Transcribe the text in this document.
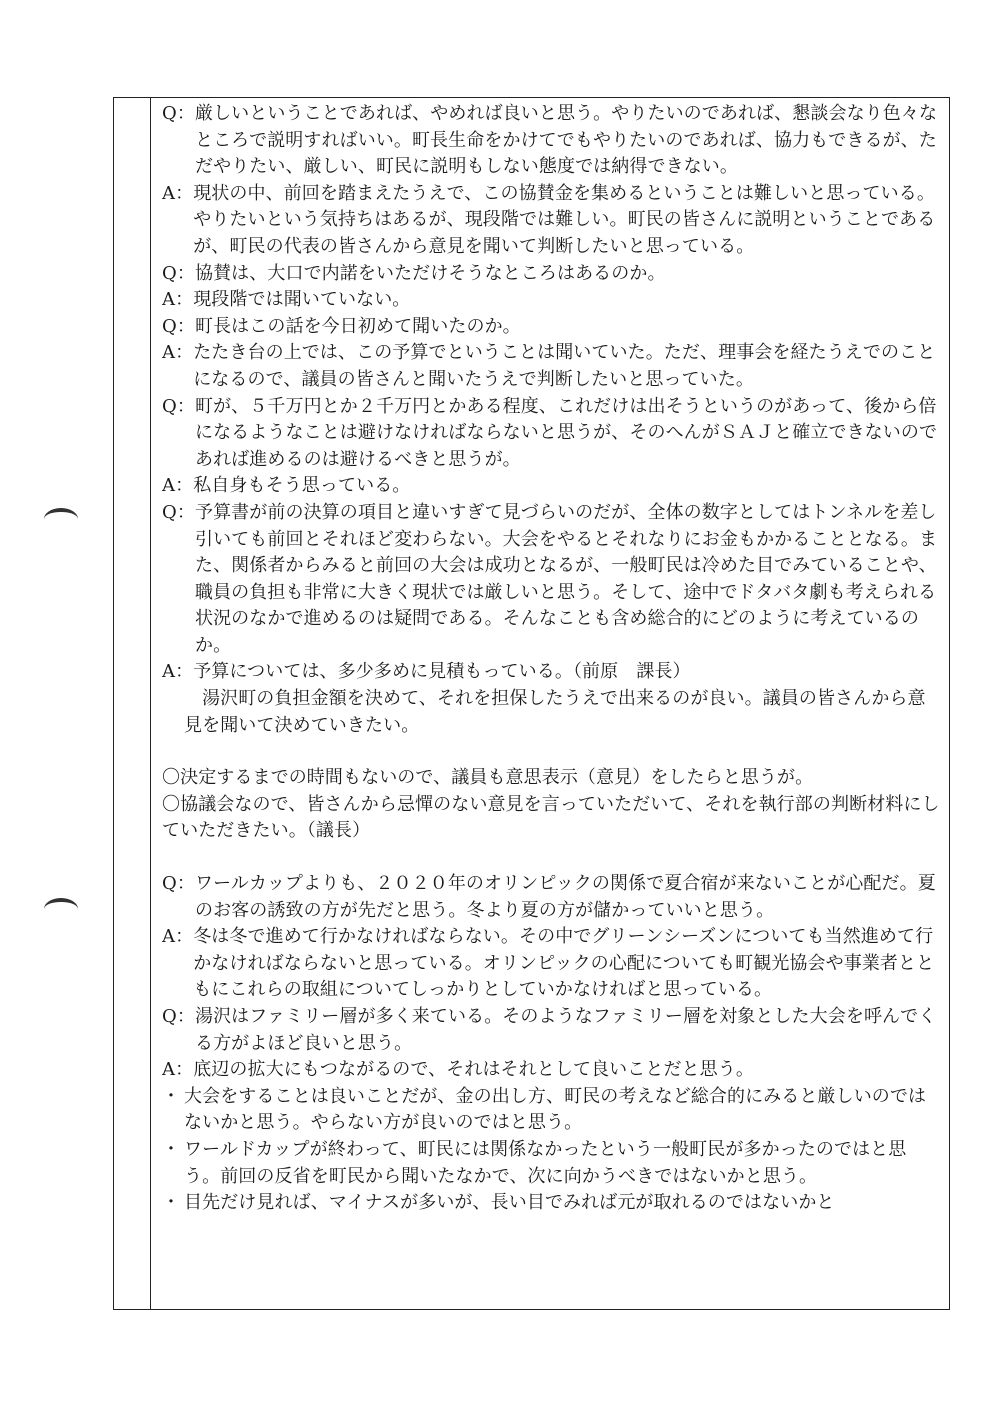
Q： 厳しいということであれば、やめれば良いと思う。やりたいのであれば、懇談会なり色々なところで説明すればいい。町長生命をかけてでもやりたいのであれば、協力もできるが、ただやりたい、厳しい、町民に説明もしない態度では納得できない。
A： 現状の中、前回を踏まえたうえで、この協賛金を集めるということは難しいと思っている。やりたいという気持ちはあるが、現段階では難しい。町民の皆さんに説明ということであるが、町民の代表の皆さんから意見を聞いて判断したいと思っている。
Q： 協賛は、大口で内諾をいただけそうなところはあるのか。
A： 現段階では聞いていない。
Q： 町長はこの話を今日初めて聞いたのか。
A： たたき台の上では、この予算でということは聞いていた。ただ、理事会を経たうえでのことになるので、議員の皆さんと聞いたうえで判断したいと思っていた。
Q： 町が、５千万円とか２千万円とかある程度、これだけは出そうというのがあって、後から倍になるようなことは避けなければならないと思うが、そのへんがＳＡＪと確立できないのであれば進めるのは避けるべきと思うが。
A： 私自身もそう思っている。
Q： 予算書が前の決算の項目と違いすぎて見づらいのだが、全体の数字としてはトンネルを差し引いても前回とそれほど変わらない。大会をやるとそれなりにお金もかかることとなる。また、関係者からみると前回の大会は成功となるが、一般町民は冷めた目でみていることや、職員の負担も非常に大きく現状では厳しいと思う。そして、途中でドタバタ劇も考えられる状況のなかで進めるのは疑問である。そんなことも含め総合的にどのように考えているのか。
A： 予算については、多少多めに見積もっている。（前原　課長）
湯沢町の負担金額を決めて、それを担保したうえで出来るのが良い。議員の皆さんから意見を聞いて決めていきたい。
〇決定するまでの時間もないので、議員も意思表示（意見）をしたらと思うが。
〇協議会なので、皆さんから忌憚のない意見を言っていただいて、それを執行部の判断材料にしていただきたい。（議長）
Q： ワールカップよりも、２０２０年のオリンピックの関係で夏合宿が来ないことが心配だ。夏のお客の誘致の方が先だと思う。冬より夏の方が儲かっていいと思う。
A： 冬は冬で進めて行かなければならない。その中でグリーンシーズンについても当然進めて行かなければならないと思っている。オリンピックの心配についても町観光協会や事業者とともにこれらの取組についてしっかりとしていかなければと思っている。
Q： 湯沢はファミリー層が多く来ている。そのようなファミリー層を対象とした大会を呼んでくる方がよほど良いと思う。
A： 底辺の拡大にもつながるので、それはそれとして良いことだと思う。
・ 大会をすることは良いことだが、金の出し方、町民の考えなど総合的にみると厳しいのではないかと思う。やらない方が良いのではと思う。
・ ワールドカップが終わって、町民には関係なかったという一般町民が多かったのではと思う。前回の反省を町民から聞いたなかで、次に向かうべきではないかと思う。
・ 目先だけ見れば、マイナスが多いが、長い目でみれば元が取れるのではないかと
